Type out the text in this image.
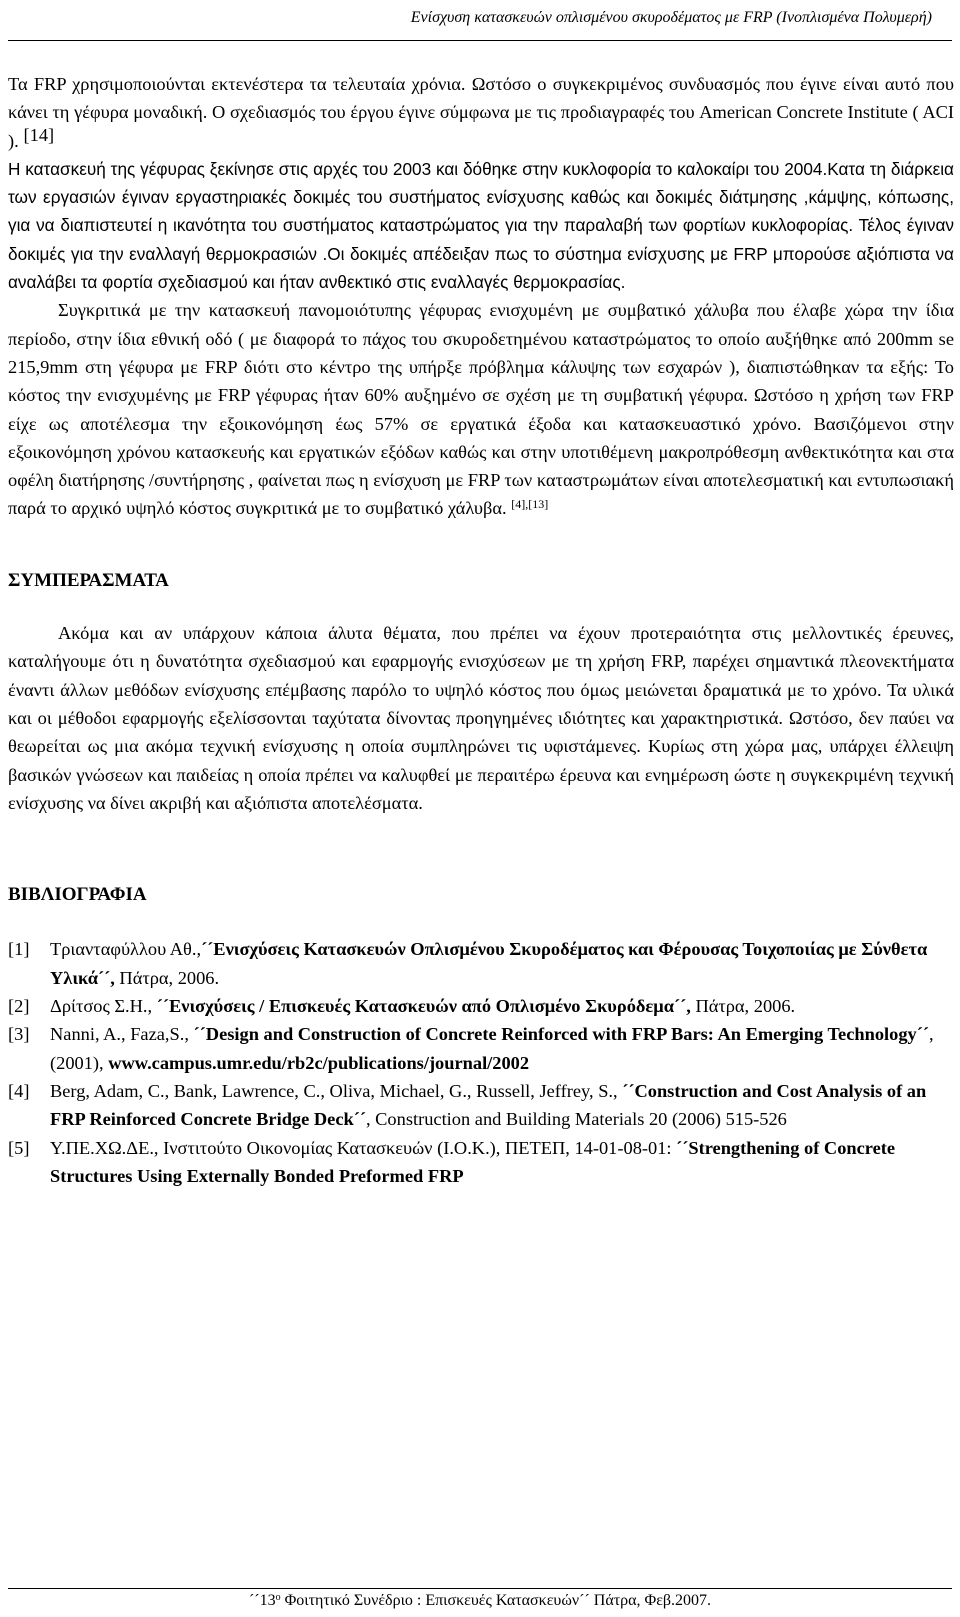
Ενίσχυση κατασκευών οπλισμένου σκυροδέματος με FRP (Ινοπλισμένα Πολυμερή)

Τα FRP χρησιμοποιούνται εκτενέστερα τα τελευταία χρόνια. Ωστόσο ο συγκεκριμένος συνδυασμός που έγινε είναι αυτό που κάνει τη γέφυρα μοναδική. Ο σχεδιασμός του έργου έγινε σύμφωνα με τις προδιαγραφές του American Concrete Institute ( ACI ). [14]
Η κατασκευή της γέφυρας ξεκίνησε στις αρχές του 2003 και δόθηκε στην κυκλοφορία το καλοκαίρι του 2004.Κατα τη διάρκεια των εργασιών έγιναν εργαστηριακές δοκιμές του συστήματος ενίσχυσης καθώς και δοκιμές διάτμησης ,κάμψης, κόπωσης, για να διαπιστευτεί η ικανότητα του συστήματος καταστρώματος για την παραλαβή των φορτίων κυκλοφορίας. Τέλος έγιναν δοκιμές για την εναλλαγή θερμοκρασιών .Οι δοκιμές απέδειξαν πως το σύστημα ενίσχυσης με FRP μπορούσε αξιόπιστα να αναλάβει τα φορτία σχεδιασμού και ήταν ανθεκτικό στις εναλλαγές θερμοκρασίας.

Συγκριτικά με την κατασκευή πανομοιότυπης γέφυρας ενισχυμένη με συμβατικό χάλυβα που έλαβε χώρα την ίδια περίοδο, στην ίδια εθνική οδό ( με διαφορά το πάχος του σκυροδετημένου καταστρώματος το οποίο αυξήθηκε από 200mm se 215,9mm στη γέφυρα με FRP διότι στο κέντρο της υπήρξε πρόβλημα κάλυψης των εσχαρών ), διαπιστώθηκαν τα εξής: Το κόστος την ενισχυμένης με FRP γέφυρας ήταν 60% αυξημένο σε σχέση με τη συμβατική γέφυρα. Ωστόσο η χρήση των FRP είχε ως αποτέλεσμα την εξοικονόμηση έως 57% σε εργατικά έξοδα και κατασκευαστικό χρόνο. Βασιζόμενοι στην εξοικονόμηση χρόνου κατασκευής και εργατικών εξόδων καθώς και στην υποτιθέμενη μακροπρόθεσμη ανθεκτικότητα και στα οφέλη διατήρησης /συντήρησης , φαίνεται πως η ενίσχυση με FRP των καταστρωμάτων είναι αποτελεσματική και εντυπωσιακή παρά το αρχικό υψηλό κόστος συγκριτικά με το συμβατικό χάλυβα. [4],[13]

ΣΥΜΠΕΡΑΣΜΑΤΑ

Ακόμα και αν υπάρχουν κάποια άλυτα θέματα, που πρέπει να έχουν προτεραιότητα στις μελλοντικές έρευνες, καταλήγουμε ότι η δυνατότητα σχεδιασμού και εφαρμογής ενισχύσεων με τη χρήση FRP, παρέχει σημαντικά πλεονεκτήματα έναντι άλλων μεθόδων ενίσχυσης επέμβασης παρόλο το υψηλό κόστος που όμως μειώνεται δραματικά με το χρόνο. Τα υλικά και οι μέθοδοι εφαρμογής εξελίσσονται ταχύτατα δίνοντας προηγημένες ιδιότητες και χαρακτηριστικά. Ωστόσο, δεν παύει να θεωρείται ως μια ακόμα τεχνική ενίσχυσης η οποία συμπληρώνει τις υφιστάμενες. Κυρίως στη χώρα μας, υπάρχει έλλειψη βασικών γνώσεων και παιδείας η οποία πρέπει να καλυφθεί με περαιτέρω έρευνα και ενημέρωση ώστε η συγκεκριμένη τεχνική ενίσχυσης να δίνει ακριβή και αξιόπιστα αποτελέσματα.

ΒΙΒΛΙΟΓΡΑΦΙΑ
[1] Τριανταφύλλου Αθ.,´´Ενισχύσεις Κατασκευών Οπλισμένου Σκυροδέματος και Φέρουσας Τοιχοποιίας με Σύνθετα Υλικά´´, Πάτρα, 2006.
[2] Δρίτσος Σ.Η., ´´Ενισχύσεις / Επισκευές Κατασκευών από Οπλισμένο Σκυρόδεμα´´, Πάτρα, 2006.
[3] Nanni, A., Faza,S., ´´Design and Construction of Concrete Reinforced with FRP Bars: An Emerging Technology´´, (2001), www.campus.umr.edu/rb2c/publications/journal/2002
[4] Berg, Adam, C., Bank, Lawrence, C., Oliva, Michael, G., Russell, Jeffrey, S., ´´Construction and Cost Analysis of an FRP Reinforced Concrete Bridge Deck´´, Construction and Building Materials 20 (2006) 515-526
[5] Υ.ΠΕ.ΧΩ.ΔΕ., Ινστιτούτο Οικονομίας Κατασκευών (Ι.Ο.Κ.), ΠΕΤΕΠ, 14-01-08-01: ´´Strengthening of Concrete Structures Using Externally Bonded Preformed FRP
$´´13^o$ Φοιτητικό Συνέδριο : Επισκευές Κατασκευών´´ Πάτρα, Φεβ.2007.
